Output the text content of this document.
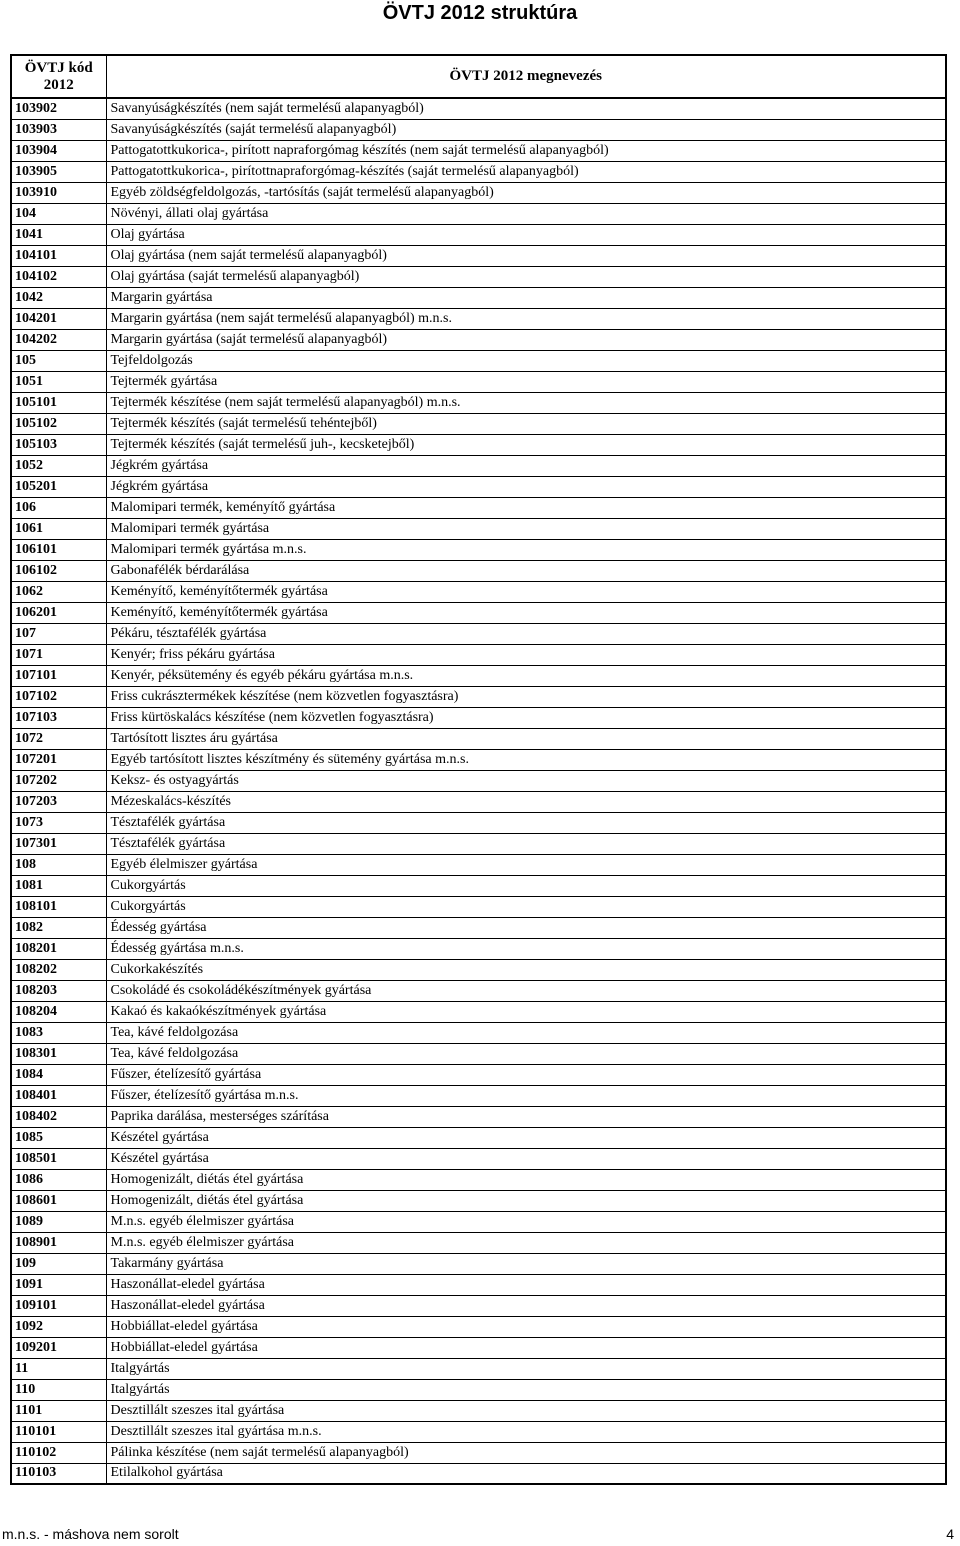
ÖVTJ 2012 struktúra
ÖVTJ kód
2012	ÖVTJ 2012 megnevezés
103902	Savanyúságkészítés (nem saját termelésű alapanyagból)
103903	Savanyúságkészítés (saját termelésű alapanyagból)
103904	Pattogatottkukorica-, pirított napraforgómag készítés (nem saját termelésű alapanyagból)
103905	Pattogatottkukorica-, pirítottnapraforgómag-készítés (saját termelésű alapanyagból)
103910	Egyéb zöldségfeldolgozás, -tartósítás (saját termelésű alapanyagból)
104	Növényi, állati olaj gyártása
1041	Olaj gyártása
104101	Olaj gyártása (nem saját termelésű alapanyagból)
104102	Olaj gyártása (saját termelésű alapanyagból)
1042	Margarin gyártása
104201	Margarin gyártása (nem saját termelésű alapanyagból) m.n.s.
104202	Margarin gyártása (saját termelésű alapanyagból)
105	Tejfeldolgozás
1051	Tejtermék gyártása
105101	Tejtermék készítése (nem saját termelésű alapanyagból) m.n.s.
105102	Tejtermék készítés (saját termelésű tehéntejből)
105103	Tejtermék készítés (saját termelésű juh-, kecsketejből)
1052	Jégkrém gyártása
105201	Jégkrém gyártása
106	Malomipari termék, keményítő gyártása
1061	Malomipari termék gyártása
106101	Malomipari termék gyártása m.n.s.
106102	Gabonafélék bérdarálása
1062	Keményítő, keményítőtermék gyártása
106201	Keményítő, keményítőtermék gyártása
107	Pékáru, tésztafélék gyártása
1071	Kenyér; friss pékáru gyártása
107101	Kenyér, péksütemény és egyéb pékáru gyártása m.n.s.
107102	Friss cukrásztermékek készítése (nem közvetlen fogyasztásra)
107103	Friss kürtöskalács készítése (nem közvetlen fogyasztásra)
1072	Tartósított lisztes áru gyártása
107201	Egyéb tartósított lisztes készítmény és sütemény gyártása m.n.s.
107202	Keksz- és ostyagyártás
107203	Mézeskalács-készítés
1073	Tésztafélék gyártása
107301	Tésztafélék gyártása
108	Egyéb élelmiszer gyártása
1081	Cukorgyártás
108101	Cukorgyártás
1082	Édesség gyártása
108201	Édesség gyártása m.n.s.
108202	Cukorkakészítés
108203	Csokoládé és csokoládékészítmények gyártása
108204	Kakaó és kakaókészítmények gyártása
1083	Tea, kávé feldolgozása
108301	Tea, kávé feldolgozása
1084	Fűszer, ételízesítő gyártása
108401	Fűszer, ételízesítő gyártása m.n.s.
108402	Paprika darálása, mesterséges szárítása
1085	Készétel gyártása
108501	Készétel gyártása
1086	Homogenizált, diétás étel gyártása
108601	Homogenizált, diétás étel gyártása
1089	M.n.s. egyéb élelmiszer gyártása
108901	M.n.s. egyéb élelmiszer gyártása
109	Takarmány gyártása
1091	Haszonállat-eledel gyártása
109101	Haszonállat-eledel gyártása
1092	Hobbiállat-eledel gyártása
109201	Hobbiállat-eledel gyártása
11	Italgyártás
110	Italgyártás
1101	Desztillált szeszes ital gyártása
110101	Desztillált szeszes ital gyártása m.n.s.
110102	Pálinka készítése (nem saját termelésű alapanyagból)
110103	Etilalkohol gyártása
m.n.s. - máshova nem sorolt	4
